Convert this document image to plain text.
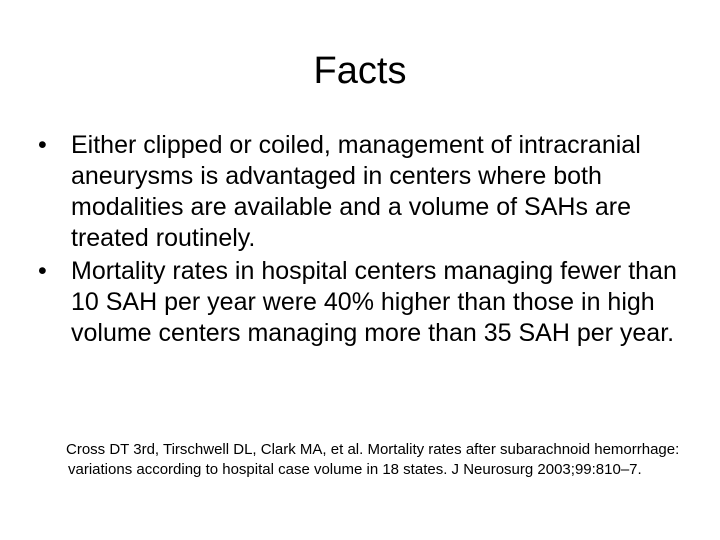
Facts
• Either clipped or coiled, management of intracranial aneurysms is advantaged in centers where both modalities are available and a volume of SAHs are treated routinely.
• Mortality rates in hospital centers managing fewer than 10 SAH per year were 40% higher than those in high volume centers managing more than 35 SAH per year.
Cross DT 3rd, Tirschwell DL, Clark MA, et al. Mortality rates after subarachnoid hemorrhage: variations according to hospital case volume in 18 states. J Neurosurg 2003;99:810–7.
